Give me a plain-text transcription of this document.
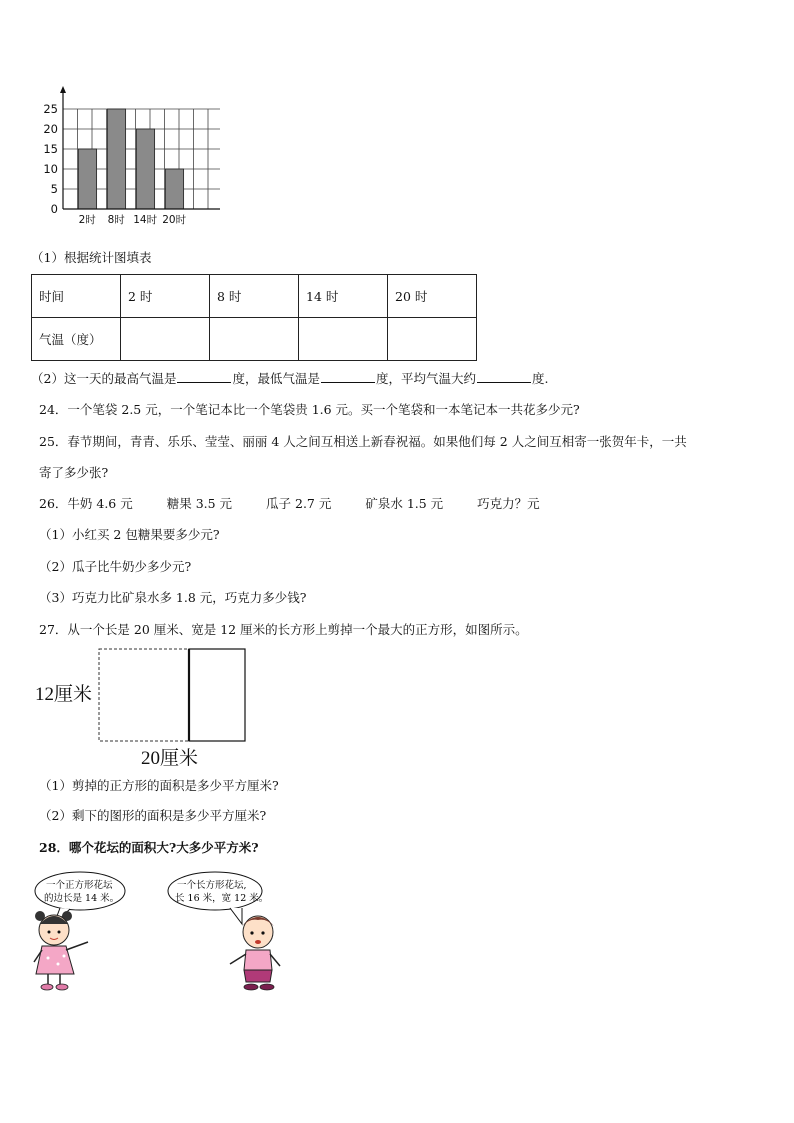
0
5
10
15
20
25
2时 8时 14时 20时
（1）根据统计图填表
时间	2 时	8 时	14 时	20 时
气温（度）				
（2）这一天的最高气温是	度，最低气温是	度，平均气温大约	度.
24．一个笔袋 2.5 元，一个笔记本比一个笔袋贵 1.6 元。买一个笔袋和一本笔记本一共花多少元?
25．春节期间，青青、乐乐、莹莹、丽丽 4 人之间互相送上新春祝福。如果他们每 2 人之间互相寄一张贺年卡，一共
寄了多少张?
26．牛奶 4.6 元	糖果 3.5 元	瓜子 2.7 元	矿泉水 1.5 元	巧克力？元
（1）小红买 2 包糖果要多少元?
（2）瓜子比牛奶少多少元?
（3）巧克力比矿泉水多 1.8 元，巧克力多少钱?
27．从一个长是 20 厘米、宽是 12 厘米的长方形上剪掉一个最大的正方形，如图所示。
12厘米
20厘米
（1）剪掉的正方形的面积是多少平方厘米?
（2）剩下的图形的面积是多少平方厘米?
28．哪个花坛的面积大?大多少平方米?
一个正方形花坛
的边长是 14 米。
一个长方形花坛,
长 16 米，宽 12 米。
